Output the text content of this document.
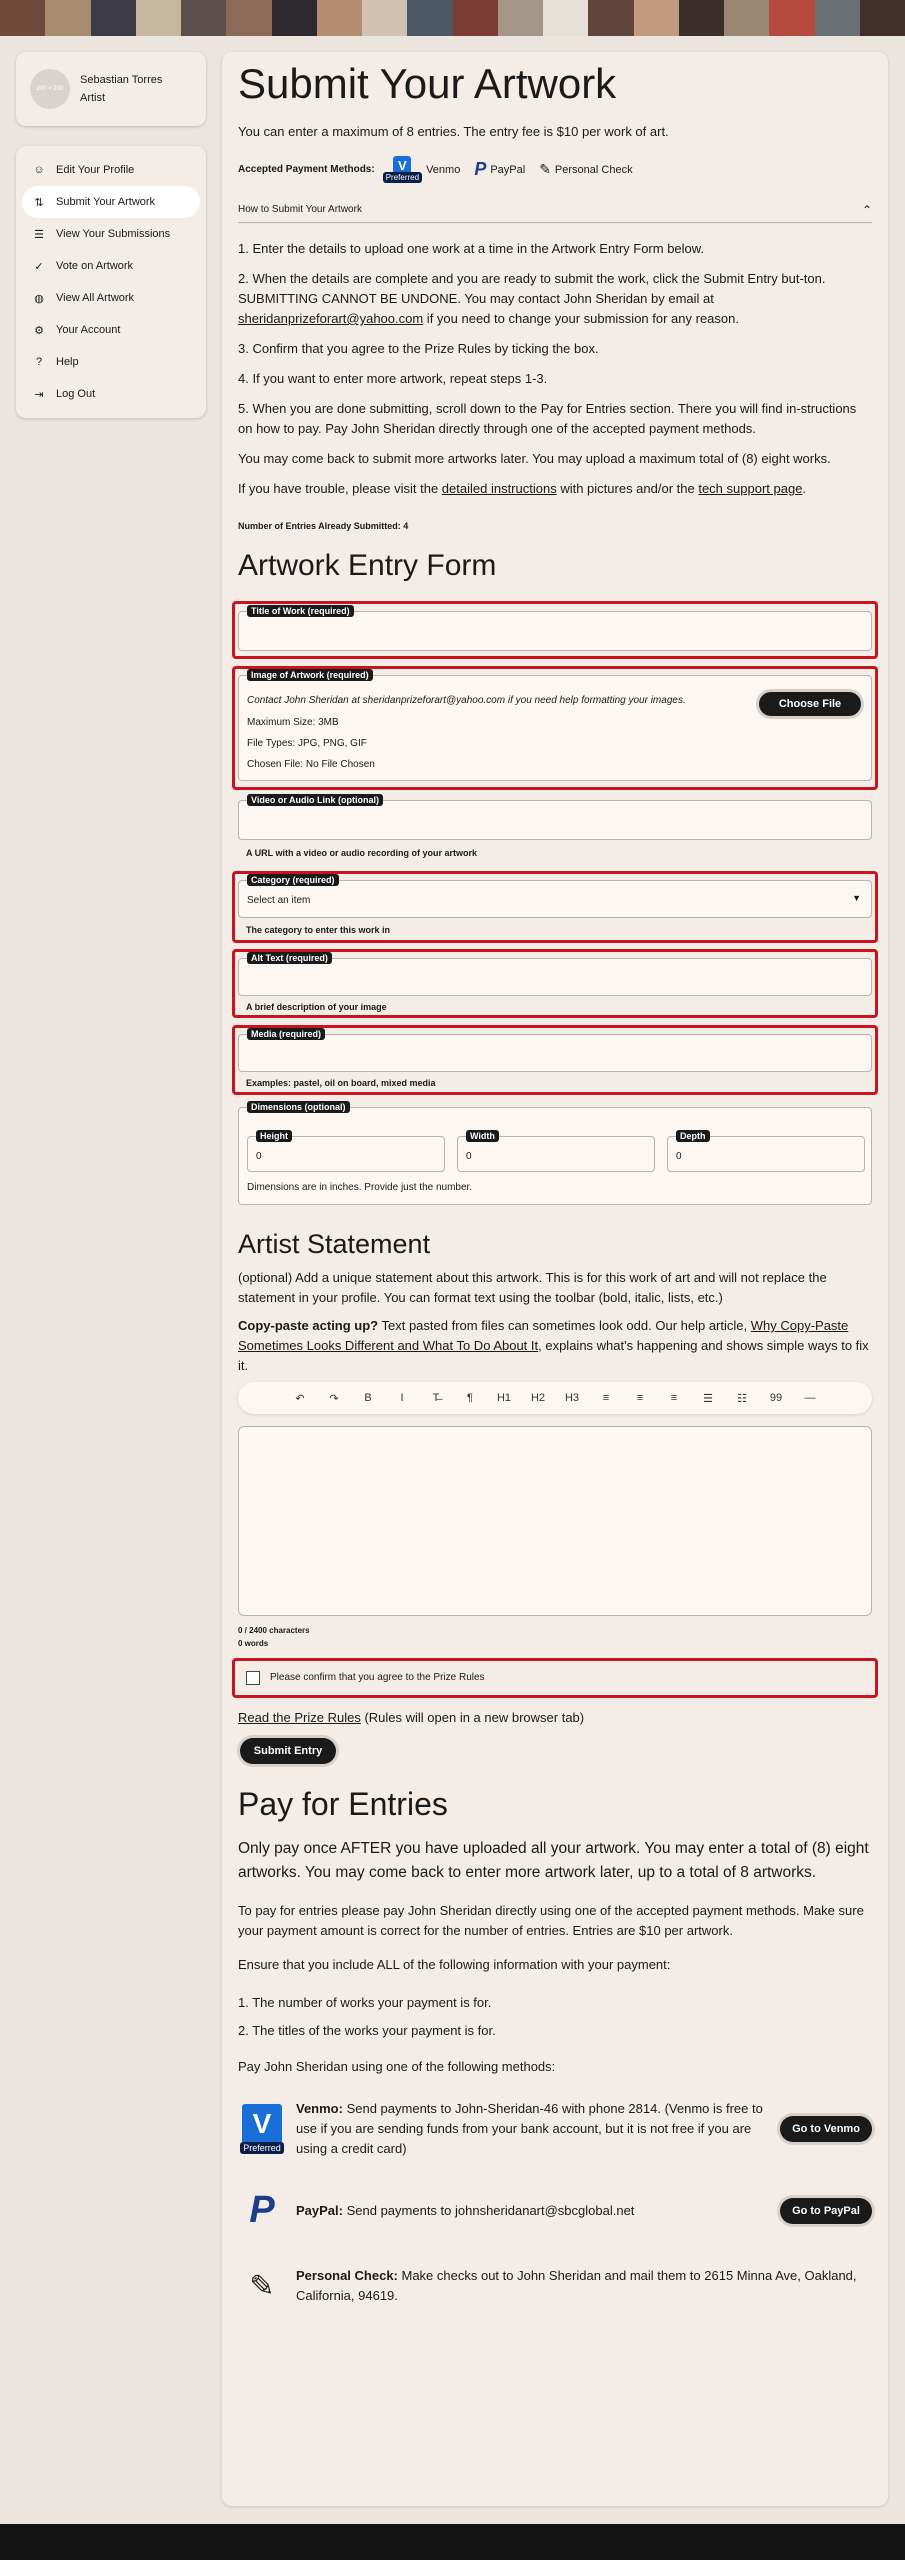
200 × 200
Sebastian Torres
Artist
☺ Edit Your Profile
⇅ Submit Your Artwork
☰ View Your Submissions
✓ Vote on Artwork
◍ View All Artwork
⚙ Your Account
?	Help
⇥ Log Out
Submit Your Artwork
You can enter a maximum of 8 entries. The entry fee is $10 per work of art.
Accepted Payment Methods:	V
Preferred
Venmo P PayPal ✎ Personal Check
How to Submit Your Artwork	⌃
1. Enter the details to upload one work at a time in the Artwork Entry Form below.
2. When the details are complete and you are ready to submit the work, click the Submit Entry but-ton. SUBMITTING CANNOT BE UNDONE. You may contact John Sheridan by email at sheridanprizeforart@yahoo.com if you need to change your submission for any reason.
3. Confirm that you agree to the Prize Rules by ticking the box.
4. If you want to enter more artwork, repeat steps 1-3.
5. When you are done submitting, scroll down to the Pay for Entries section. There you will find in-structions on how to pay. Pay John Sheridan directly through one of the accepted payment methods.
You may come back to submit more artworks later. You may upload a maximum total of (8) eight works.
If you have trouble, please visit the detailed instructions with pictures and/or the tech support page.
Number of Entries Already Submitted: 4
Artwork Entry Form
Title of Work (required)
Image of Artwork (required)
Contact John Sheridan at sheridanprizeforart@yahoo.com if you need help formatting your images.
Maximum Size: 3MB
File Types: JPG, PNG, GIF
Chosen File: No File Chosen
Choose File
Video or Audio Link (optional)
A URL with a video or audio recording of your artwork
Category (required)
Select an item	▼
The category to enter this work in
Alt Text (required)
A brief description of your image
Media (required)
Examples: pastel, oil on board, mixed media
Dimensions (optional)
Height
0
Width
0
Depth
0
Dimensions are in inches. Provide just the number.
Artist Statement
(optional) Add a unique statement about this artwork. This is for this work of art and will not replace the statement in your profile. You can format text using the toolbar (bold, italic, lists, etc.)
Copy-paste acting up? Text pasted from files can sometimes look odd. Our help article, Why Copy-Paste Sometimes Looks Different and What To Do About It, explains what's happening and shows simple ways to fix it.
↶	↷	B	I	T̶	¶	H1	H2	H3	≡	≡	≡	☰	☷	99	—
0 / 2400 characters
0 words
Please confirm that you agree to the Prize Rules
Read the Prize Rules (Rules will open in a new browser tab)
Submit Entry
Pay for Entries
Only pay once AFTER you have uploaded all your artwork. You may enter a total of (8) eight artworks. You may come back to enter more artwork later, up to a total of 8 artworks.
To pay for entries please pay John Sheridan directly using one of the accepted payment methods. Make sure your payment amount is correct for the number of entries. Entries are $10 per artwork.
Ensure that you include ALL of the following information with your payment:
1. The number of works your payment is for.
2. The titles of the works your payment is for.
Pay John Sheridan using one of the following methods:
V
Preferred
Venmo: Send payments to John-Sheridan-46 with phone 2814. (Venmo is free to use if you are sending funds from your bank account, but it is not free if you are using a credit card)
Go to Venmo
P PayPal: Send payments to johnsheridanart@sbcglobal.net	Go to PayPal
✎ Personal Check: Make checks out to John Sheridan and mail them to 2615 Minna Ave, Oakland, California, 94619.
